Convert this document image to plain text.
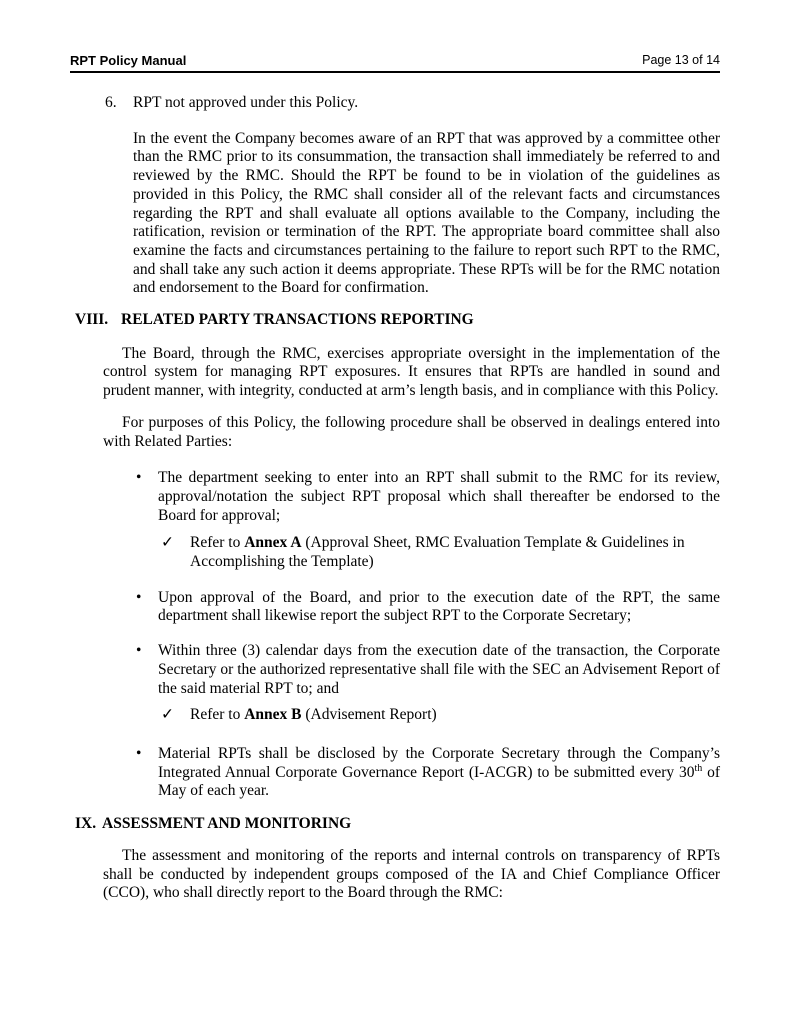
RPT Policy Manual	Page 13 of 14
6.	RPT not approved under this Policy.

In the event the Company becomes aware of an RPT that was approved by a committee other than the RMC prior to its consummation, the transaction shall immediately be referred to and reviewed by the RMC. Should the RPT be found to be in violation of the guidelines as provided in this Policy, the RMC shall consider all of the relevant facts and circumstances regarding the RPT and shall evaluate all options available to the Company, including the ratification, revision or termination of the RPT. The appropriate board committee shall also examine the facts and circumstances pertaining to the failure to report such RPT to the RMC, and shall take any such action it deems appropriate. These RPTs will be for the RMC notation and endorsement to the Board for confirmation.

VIII. RELATED PARTY TRANSACTIONS REPORTING

The Board, through the RMC, exercises appropriate oversight in the implementation of the control system for managing RPT exposures. It ensures that RPTs are handled in sound and prudent manner, with integrity, conducted at arm’s length basis, and in compliance with this Policy.

For purposes of this Policy, the following procedure shall be observed in dealings entered into with Related Parties:

•	The department seeking to enter into an RPT shall submit to the RMC for its review, approval/notation the subject RPT proposal which shall thereafter be endorsed to the Board for approval;
✓	Refer to Annex A (Approval Sheet, RMC Evaluation Template & Guidelines in Accomplishing the Template)
•	Upon approval of the Board, and prior to the execution date of the RPT, the same department shall likewise report the subject RPT to the Corporate Secretary;
•	Within three (3) calendar days from the execution date of the transaction, the Corporate Secretary or the authorized representative shall file with the SEC an Advisement Report of the said material RPT to; and
✓	Refer to Annex B (Advisement Report)
•	Material RPTs shall be disclosed by the Corporate Secretary through the Company’s Integrated Annual Corporate Governance Report (I-ACGR) to be submitted every 30th of May of each year.
IX. ASSESSMENT AND MONITORING

The assessment and monitoring of the reports and internal controls on transparency of RPTs shall be conducted by independent groups composed of the IA and Chief Compliance Officer (CCO), who shall directly report to the Board through the RMC:
